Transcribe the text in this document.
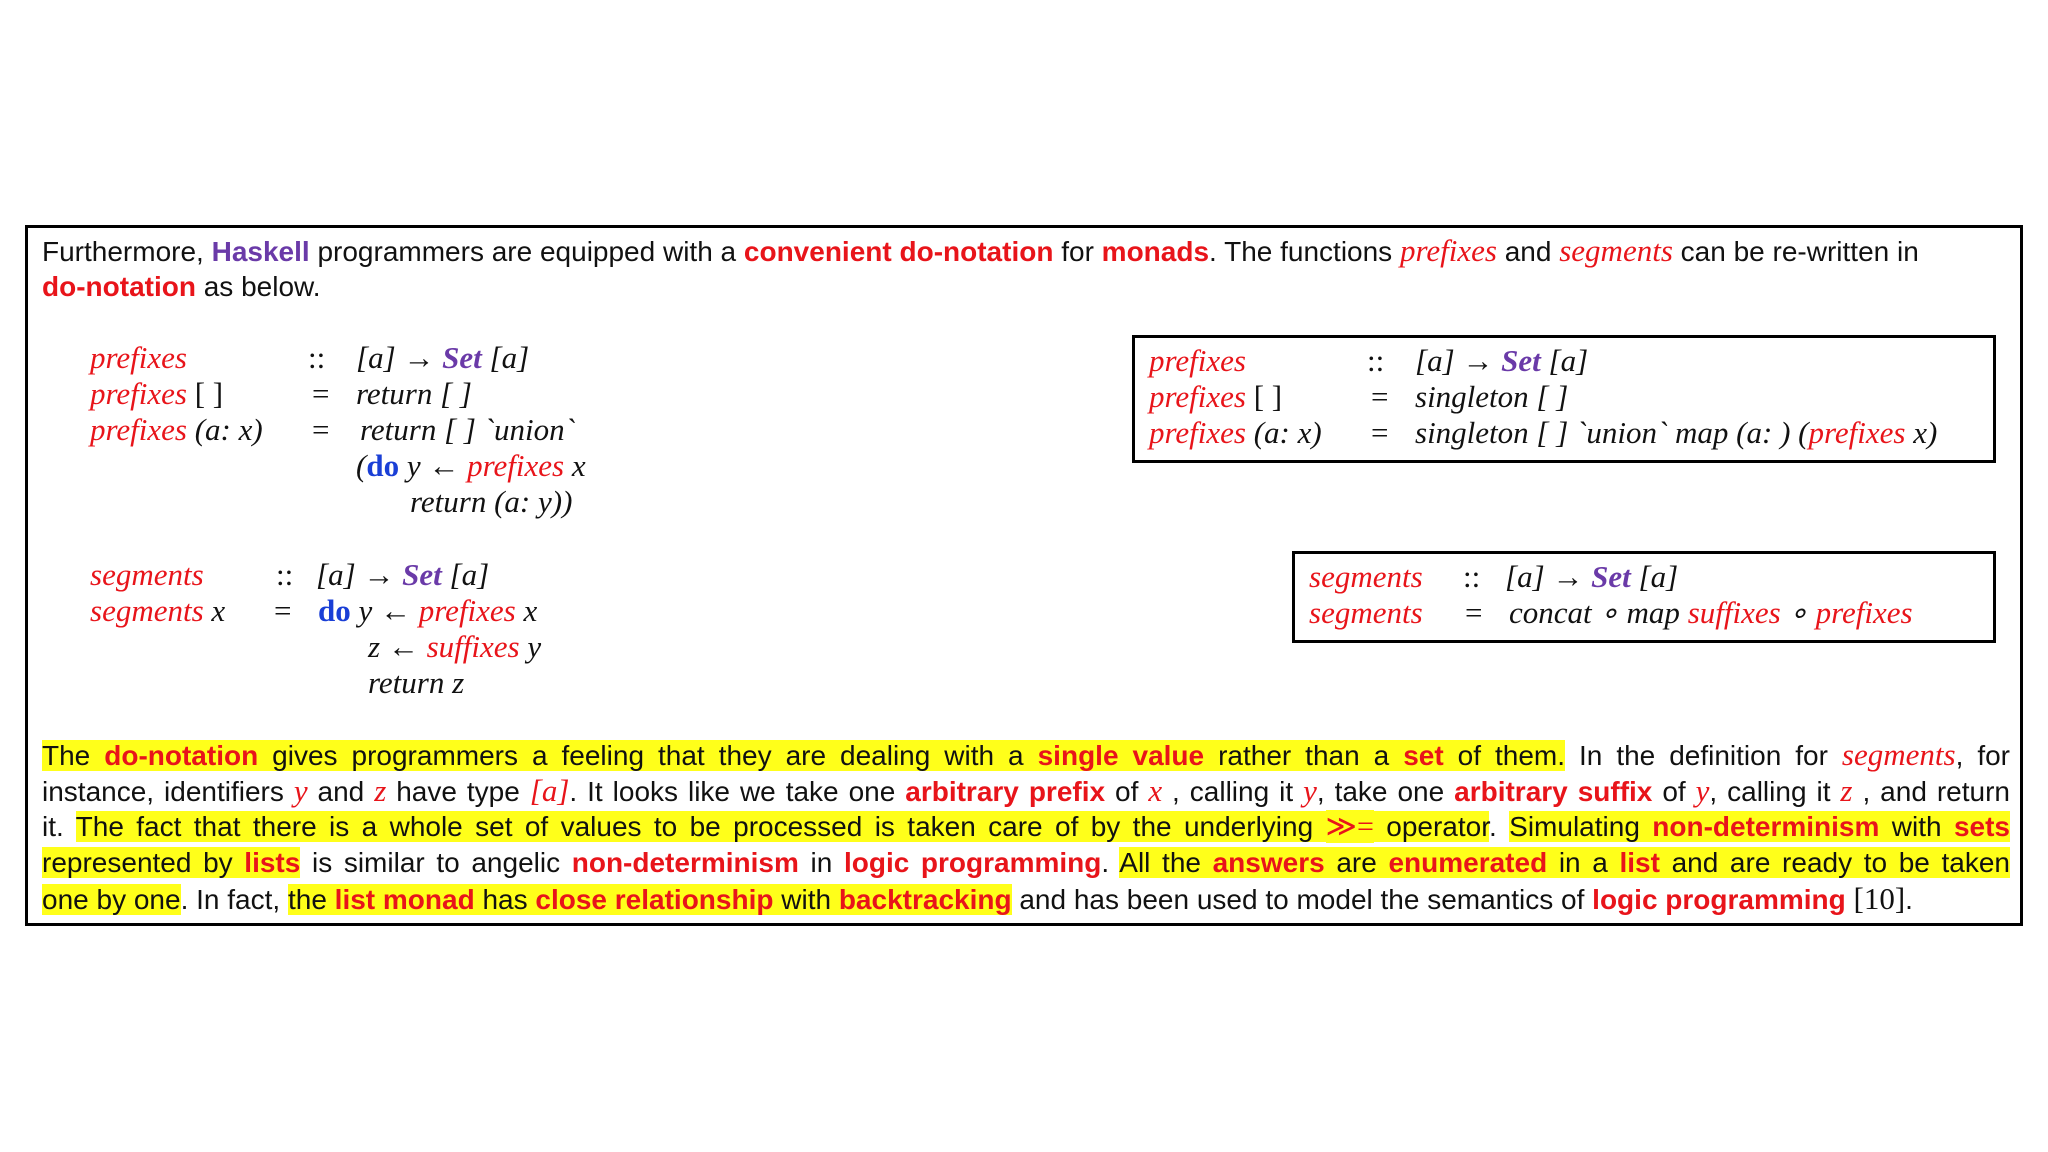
Furthermore, Haskell programmers are equipped with a convenient do-notation for monads. The functions prefixes and segments can be re-written in
do-notation as below.
prefixes	:: [a] → Set [a]
prefixes [ ]	= return [ ]
prefixes (a: x) = return [ ] `union`
(do y ← prefixes x
return (a: y))
segments :: [a] → Set [a]
segments x = do y ← prefixes x
z ← suffixes y
return z
prefixes	:: [a] → Set [a]
prefixes [ ]	= singleton [ ]
prefixes (a: x) = singleton [ ] `union` map (a: ) (prefixes x)
segments :: [a] → Set [a]
segments = concat ∘ map suffixes ∘ prefixes
The do-notation gives programmers a feeling that they are dealing with a single value rather than a set of them. In the definition for segments, for
instance, identifiers y and z have type [a]. It looks like we take one arbitrary prefix of x , calling it y, take one arbitrary suffix of y, calling it z , and return
it. The fact that there is a whole set of values to be processed is taken care of by the underlying ≫= operator. Simulating non-determinism with sets
represented by lists is similar to angelic non-determinism in logic programming. All the answers are enumerated in a list and are ready to be taken
one by one. In fact, the list monad has close relationship with backtracking and has been used to model the semantics of logic programming [10].
